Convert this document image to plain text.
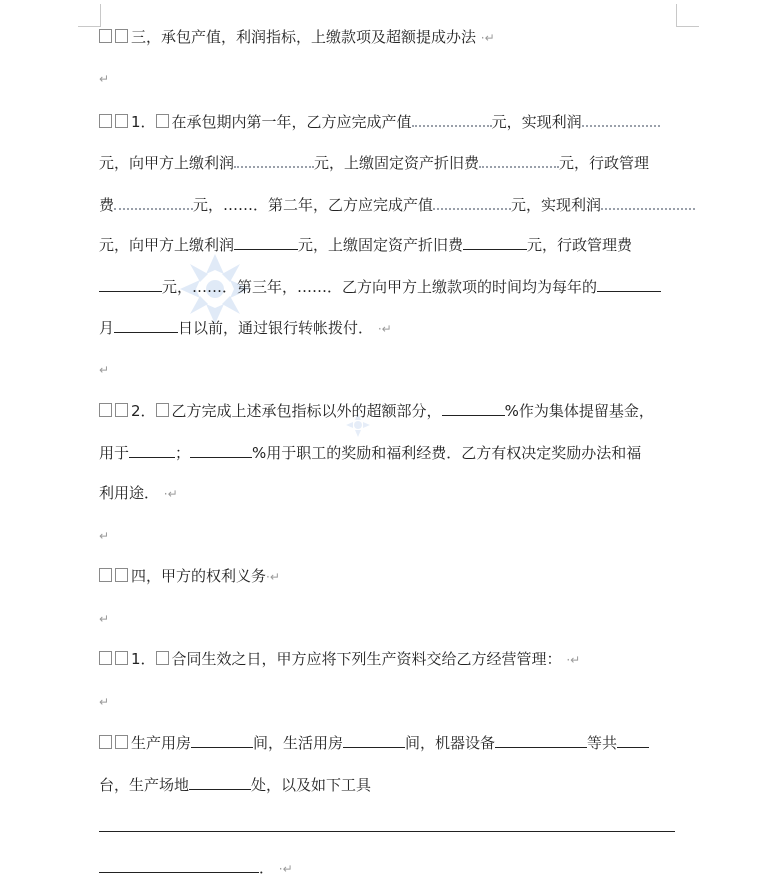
三，承包产值，利润指标，上缴款项及超额提成办法 ·↵
↵
1． 在承包期内第一年，乙方应完成产值	元，实现利润
元，向甲方上缴利润	元，上缴固定资产折旧费	元，行政管理
费	元，……．第二年，乙方应完成产值	元，实现利润
元，向甲方上缴利润	元，上缴固定资产折旧费	元，行政管理费
元，……．第三年，……．乙方向甲方上缴款项的时间均为每年的
月	日以前，通过银行转帐拨付． ·↵
↵
2． 乙方完成上述承包指标以外的超额部分，	%作为集体提留基金，
用于	；	%用于职工的奖励和福利经费．乙方有权决定奖励办法和福
利用途． ·↵
↵
四，甲方的权利义务·↵
↵
1． 合同生效之日，甲方应将下列生产资料交给乙方经营管理： ·↵
↵
生产用房	间，生活用房	间，机器设备	等共
台，生产场地	处，以及如下工具
． ·↵
